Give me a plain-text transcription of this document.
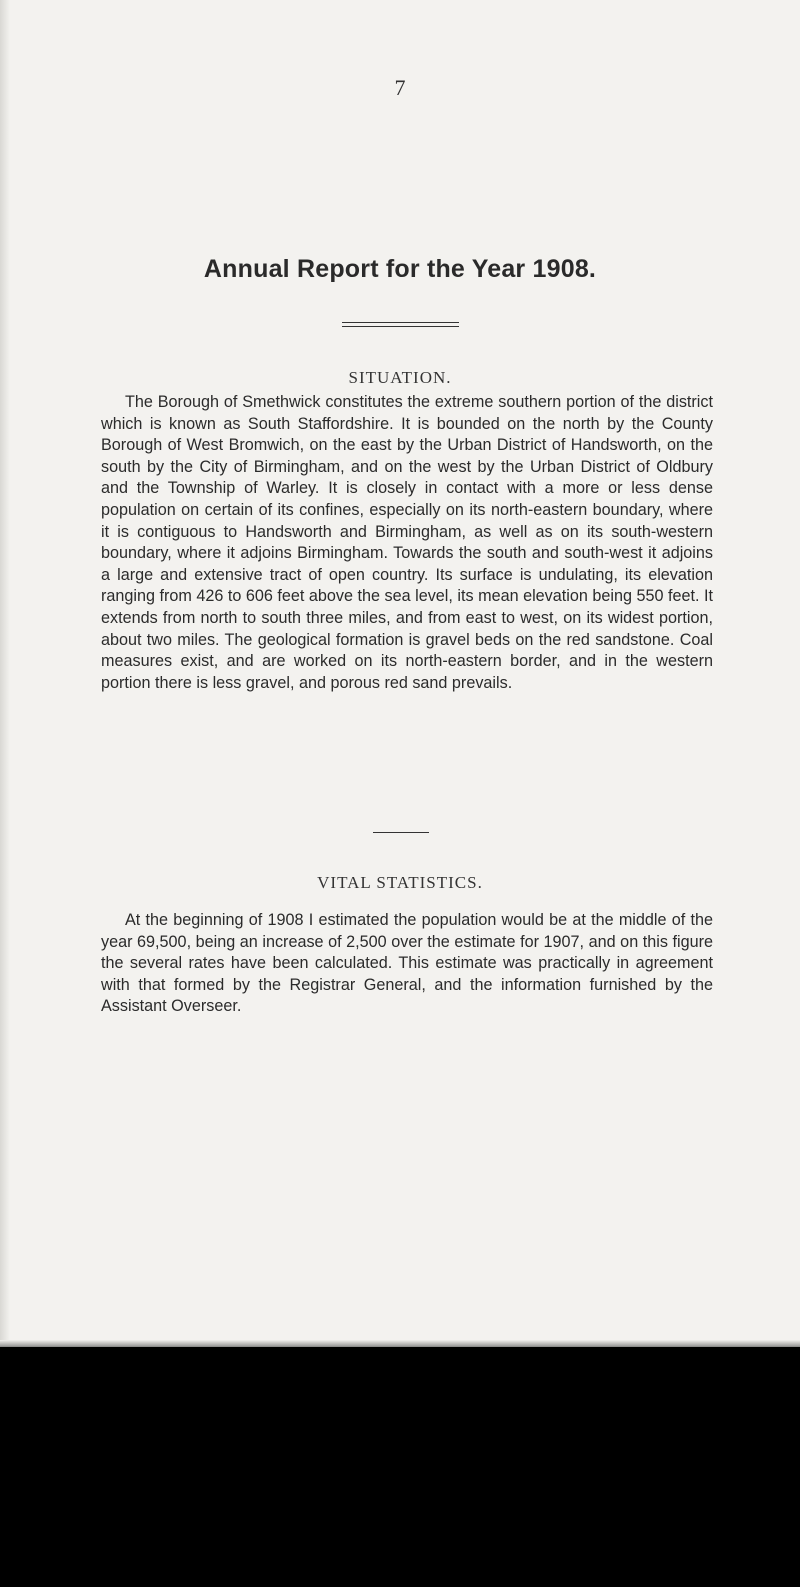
7
Annual Report for the Year 1908.
SITUATION.

The Borough of Smethwick constitutes the extreme southern portion of the district which is known as South Staffordshire. It is bounded on the north by the County Borough of West Bromwich, on the east by the Urban District of Handsworth, on the south by the City of Birmingham, and on the west by the Urban District of Oldbury and the Township of Warley. It is closely in contact with a more or less dense population on certain of its confines, especially on its north-eastern boundary, where it is contiguous to Handsworth and Birmingham, as well as on its south-western boundary, where it adjoins Birmingham. Towards the south and south-west it adjoins a large and extensive tract of open country. Its surface is undulating, its elevation ranging from 426 to 606 feet above the sea level, its mean elevation being 550 feet. It extends from north to south three miles, and from east to west, on its widest portion, about two miles. The geological formation is gravel beds on the red sandstone. Coal measures exist, and are worked on its north-eastern border, and in the western portion there is less gravel, and porous red sand prevails.

VITAL STATISTICS.

At the beginning of 1908 I estimated the population would be at the middle of the year 69,500, being an increase of 2,500 over the estimate for 1907, and on this figure the several rates have been calculated. This estimate was practically in agreement with that formed by the Registrar General, and the information furnished by the Assistant Overseer.
